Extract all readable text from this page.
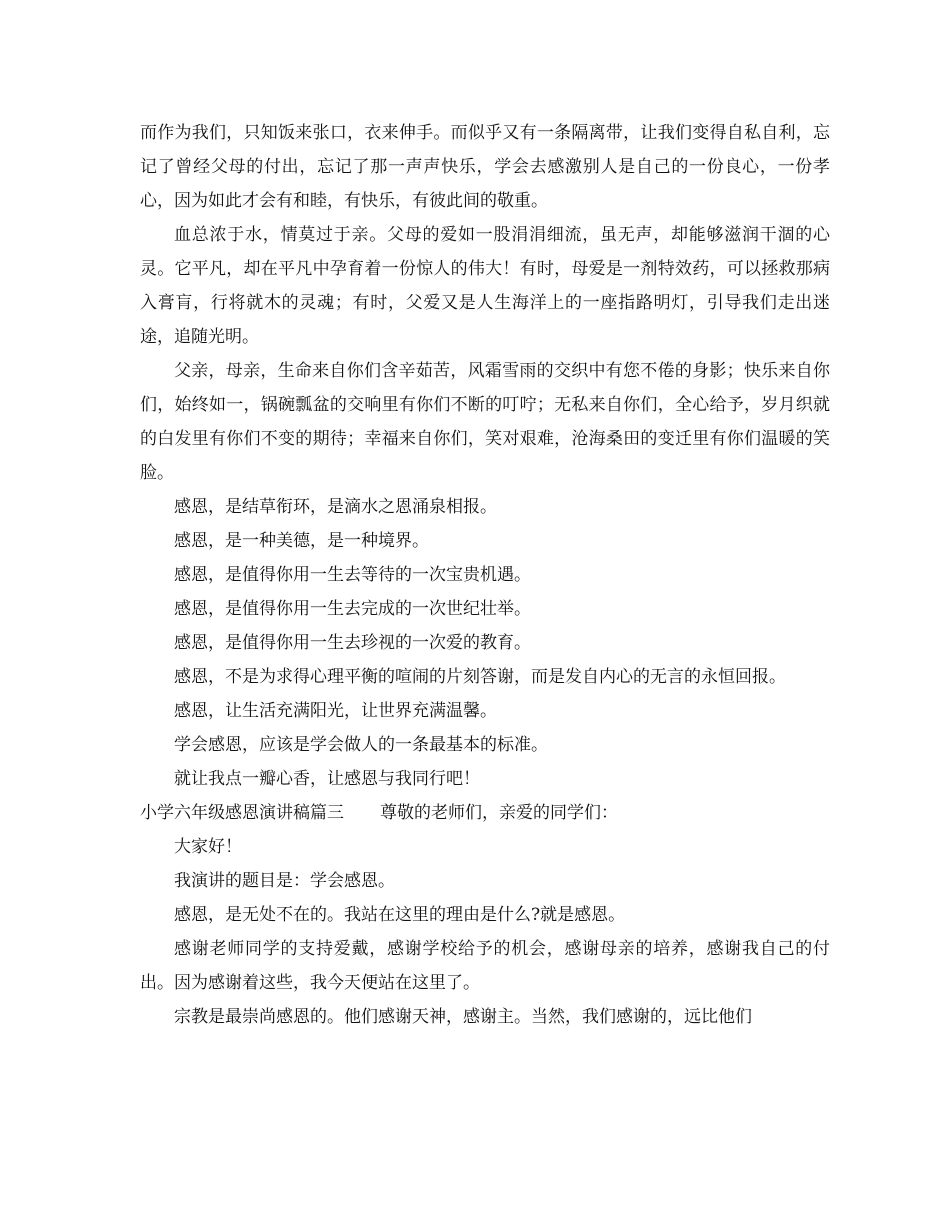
而作为我们，只知饭来张口，衣来伸手。而似乎又有一条隔离带，让我们变得自私自利，忘记了曾经父母的付出，忘记了那一声声快乐，学会去感激别人是自己的一份良心，一份孝心，因为如此才会有和睦，有快乐，有彼此间的敬重。

血总浓于水，情莫过于亲。父母的爱如一股涓涓细流，虽无声，却能够滋润干涸的心灵。它平凡，却在平凡中孕育着一份惊人的伟大！有时，母爱是一剂特效药，可以拯救那病入膏肓，行将就木的灵魂；有时，父爱又是人生海洋上的一座指路明灯，引导我们走出迷途，追随光明。

父亲，母亲，生命来自你们含辛茹苦，风霜雪雨的交织中有您不倦的身影；快乐来自你们，始终如一，锅碗瓢盆的交响里有你们不断的叮咛；无私来自你们，全心给予，岁月织就的白发里有你们不变的期待；幸福来自你们，笑对艰难，沧海桑田的变迁里有你们温暖的笑脸。

感恩，是结草衔环，是滴水之恩涌泉相报。

感恩，是一种美德，是一种境界。

感恩，是值得你用一生去等待的一次宝贵机遇。

感恩，是值得你用一生去完成的一次世纪壮举。

感恩，是值得你用一生去珍视的一次爱的教育。

感恩，不是为求得心理平衡的喧闹的片刻答谢，而是发自内心的无言的永恒回报。

感恩，让生活充满阳光，让世界充满温馨。

学会感恩，应该是学会做人的一条最基本的标准。

就让我点一瓣心香，让感恩与我同行吧！

小学六年级感恩演讲稿篇三 尊敬的老师们，亲爱的同学们：

大家好！

我演讲的题目是：学会感恩。

感恩，是无处不在的。我站在这里的理由是什么?就是感恩。

感谢老师同学的支持爱戴，感谢学校给予的机会，感谢母亲的培养，感谢我自己的付出。因为感谢着这些，我今天便站在这里了。

宗教是最崇尚感恩的。他们感谢天神，感谢主。当然，我们感谢的，远比他们
